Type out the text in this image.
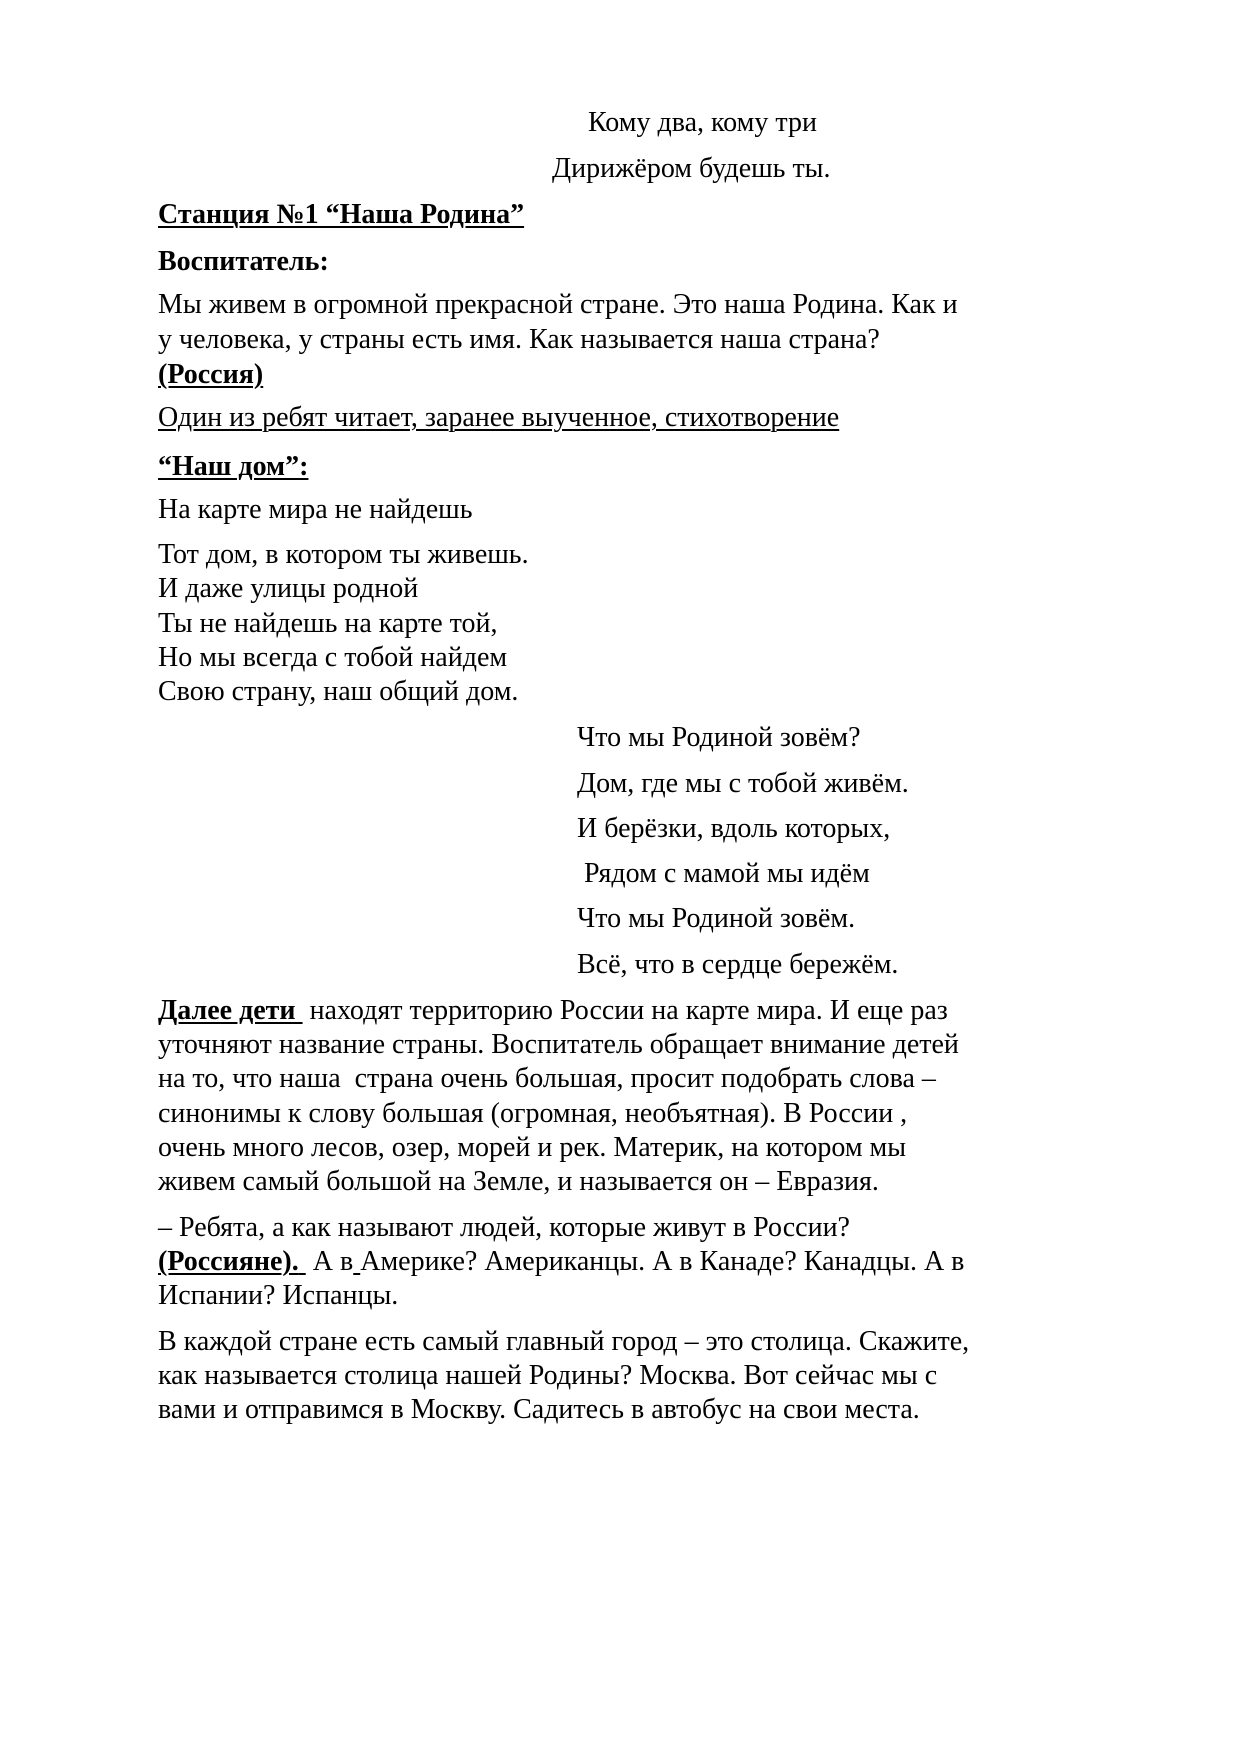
Кому два, кому три
Дирижёром будешь ты.
Станция №1 “Наша Родина”
Воспитатель:
Мы живем в огромной прекрасной стране. Это наша Родина. Как и
у человека, у страны есть имя. Как называется наша страна?
(Россия)
Один из ребят читает, заранее выученное, стихотворение
“Наш дом”:
На карте мира не найдешь
Тот дом, в котором ты живешь.
И даже улицы родной
Ты не найдешь на карте той,
Но мы всегда с тобой найдем
Свою страну, наш общий дом.
Что мы Родиной зовём?
Дом, где мы с тобой живём.
И берёзки, вдоль которых,
Рядом с мамой мы идём
Что мы Родиной зовём.
Всё, что в сердце бережём.
Далее дети  находят территорию России на карте мира. И еще раз
уточняют название страны. Воспитатель обращает внимание детей
на то, что наша  страна очень большая, просит подобрать слова –
синонимы к слову большая (огромная, необъятная). В России ,
очень много лесов, озер, морей и рек. Материк, на котором мы
живем самый большой на Земле, и называется он – Евразия.
– Ребята, а как называют людей, которые живут в России?
(Россияне).  А в Америке? Американцы. А в Канаде? Канадцы. А в
Испании? Испанцы.
В каждой стране есть самый главный город – это столица. Скажите,
как называется столица нашей Родины? Москва. Вот сейчас мы с
вами и отправимся в Москву. Садитесь в автобус на свои места.
